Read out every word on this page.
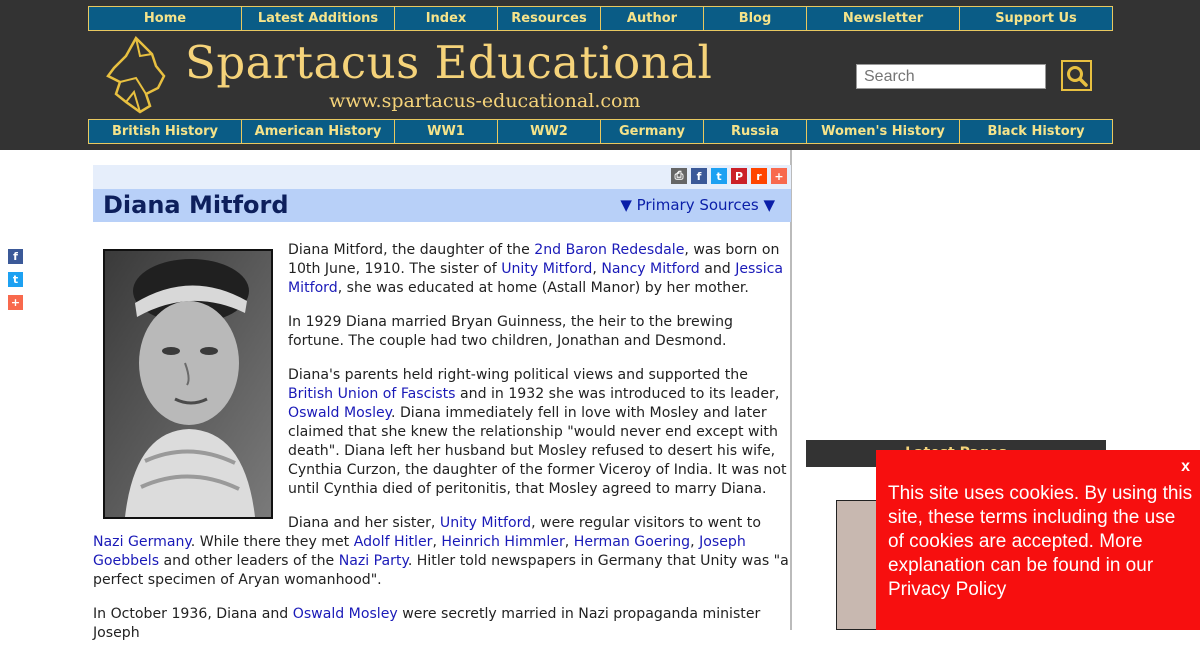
Home	Latest Additions	Index	Resources	Author	Blog	Newsletter	Support Us
Spartacus Educational
www.spartacus-educational.com
Search
British History	American History	WW1	WW2	Germany	Russia	Women's History	Black History
⎙	f	t	P	r	+
Diana Mitford	▼ Primary Sources ▼
f
t
+

Diana Mitford, the daughter of the 2nd Baron Redesdale, was born on 10th June, 1910. The sister of Unity Mitford, Nancy Mitford and Jessica Mitford, she was educated at home (Astall Manor) by her mother.

In 1929 Diana married Bryan Guinness, the heir to the brewing fortune. The couple had two children, Jonathan and Desmond.

Diana's parents held right-wing political views and supported the British Union of Fascists and in 1932 she was introduced to its leader, Oswald Mosley. Diana immediately fell in love with Mosley and later claimed that she knew the relationship "would never end except with death". Diana left her husband but Mosley refused to desert his wife, Cynthia Curzon, the daughter of the former Viceroy of India. It was not until Cynthia died of peritonitis, that Mosley agreed to marry Diana.

Diana and her sister, Unity Mitford, were regular visitors to went to Nazi Germany. While there they met Adolf Hitler, Heinrich Himmler, Herman Goering, Joseph Goebbels and other leaders of the Nazi Party. Hitler told newspapers in Germany that Unity was "a perfect specimen of Aryan womanhood".

In October 1936, Diana and Oswald Mosley were secretly married in Nazi propaganda minister Joseph

x

This site uses cookies. By using this site, these terms including the use of cookies are accepted. More explanation can be found in our Privacy Policy
